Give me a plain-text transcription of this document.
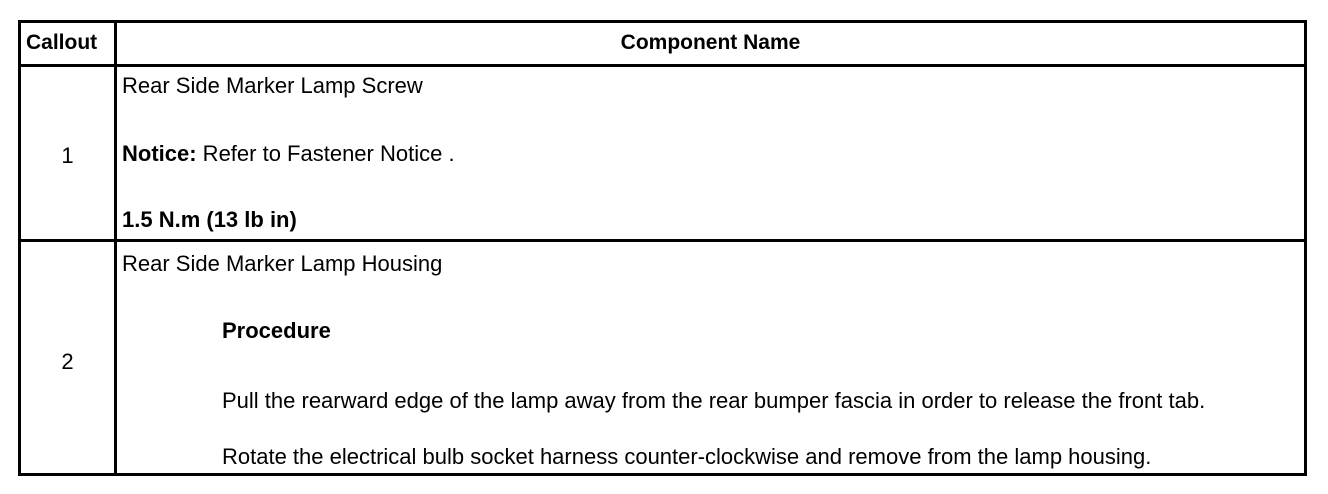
Callout	Component Name
1
Rear Side Marker Lamp Screw
Notice: Refer to Fastener Notice .
1.5 N.m (13 lb in)
2
Rear Side Marker Lamp Housing
Procedure
Pull the rearward edge of the lamp away from the rear bumper fascia in order to release the front tab.
Rotate the electrical bulb socket harness counter-clockwise and remove from the lamp housing.
